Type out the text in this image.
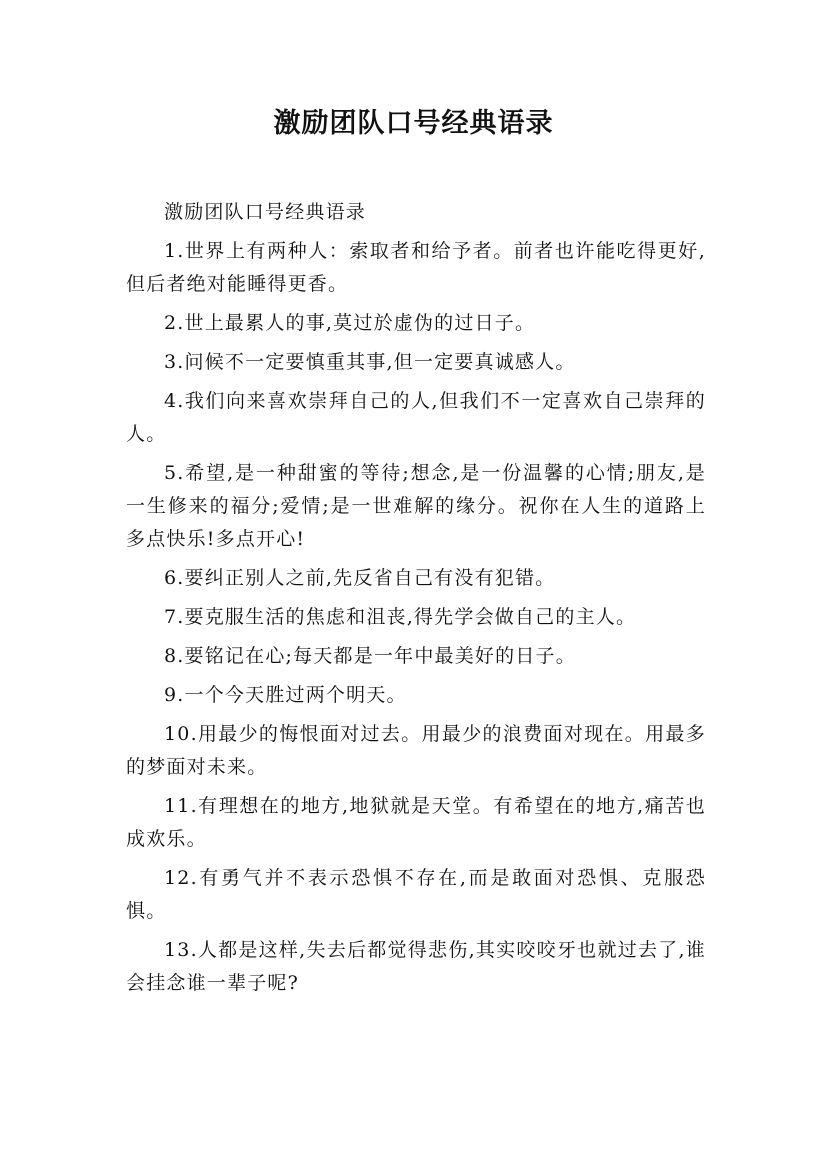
激励团队口号经典语录

激励团队口号经典语录

1.世界上有两种人：索取者和给予者。前者也许能吃得更好,但后者绝对能睡得更香。

2.世上最累人的事,莫过於虚伪的过日子。

3.问候不一定要慎重其事,但一定要真诚感人。

4.我们向来喜欢崇拜自己的人,但我们不一定喜欢自己崇拜的人。

5.希望,是一种甜蜜的等待;想念,是一份温馨的心情;朋友,是一生修来的福分;爱情;是一世难解的缘分。祝你在人生的道路上多点快乐!多点开心!

6.要纠正别人之前,先反省自己有没有犯错。

7.要克服生活的焦虑和沮丧,得先学会做自己的主人。

8.要铭记在心;每天都是一年中最美好的日子。

9.一个今天胜过两个明天。

10.用最少的悔恨面对过去。用最少的浪费面对现在。用最多的梦面对未来。

11.有理想在的地方,地狱就是天堂。有希望在的地方,痛苦也成欢乐。

12.有勇气并不表示恐惧不存在,而是敢面对恐惧、克服恐惧。

13.人都是这样,失去后都觉得悲伤,其实咬咬牙也就过去了,谁会挂念谁一辈子呢?
